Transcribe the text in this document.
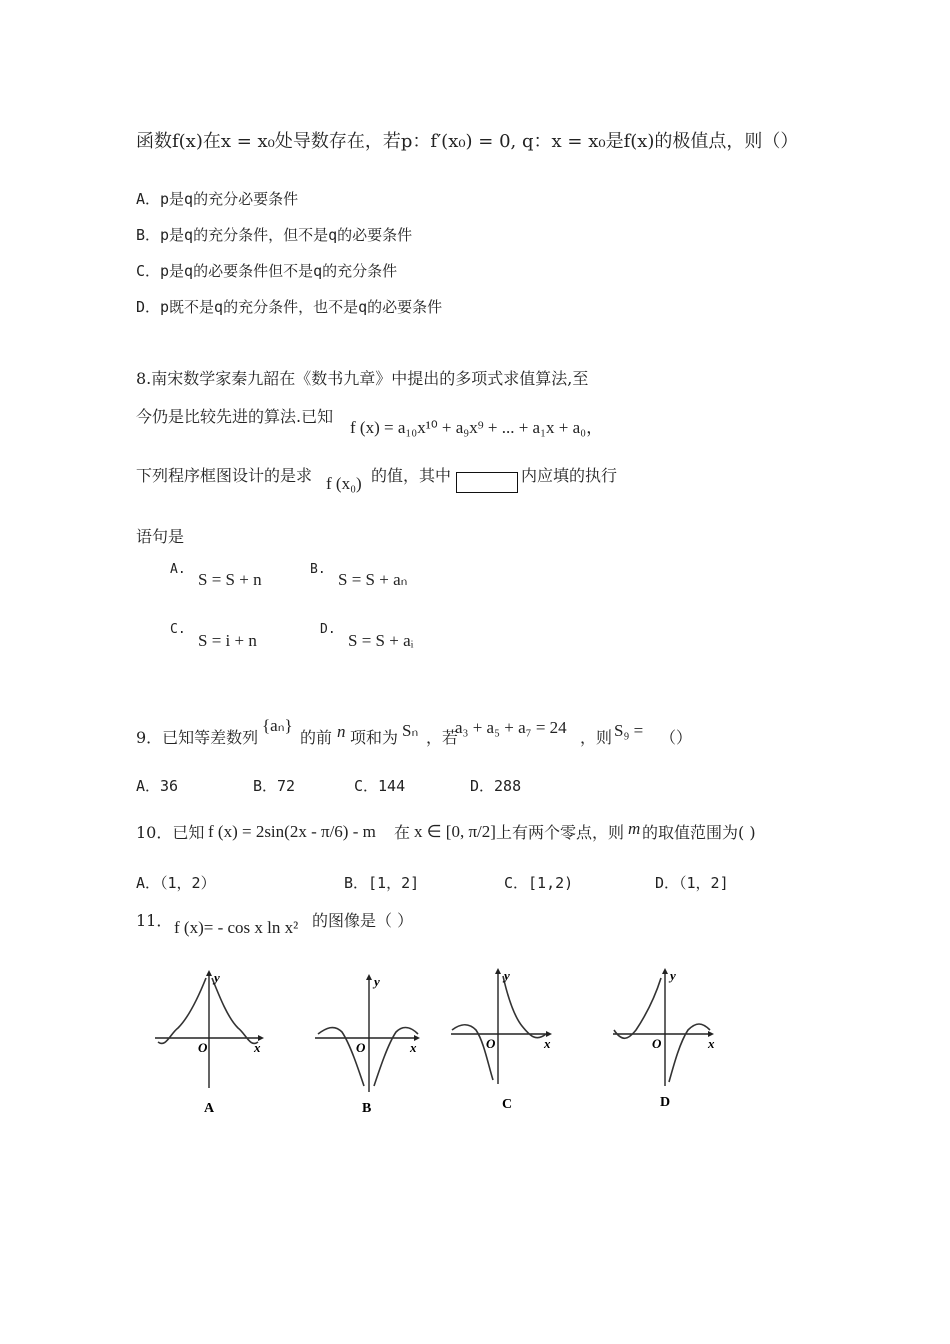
函数f(x)在x = x₀处导数存在，若p：f′(x₀) = 0, q：x = x₀是f(x)的极值点，则（）
A．p是q的充分必要条件
B．p是q的充分条件，但不是q的必要条件
C．p是q的必要条件但不是q的充分条件
D．p既不是q的充分条件，也不是q的必要条件
8.南宋数学家秦九韶在《数书九章》中提出的多项式求值算法,至
今仍是比较先进的算法.已知
f (x) = a₁₀x¹⁰ + a₉x⁹ + ... + a₁x + a₀，
下列程序框图设计的是求 f (x₀) 的值，其中	内应填的执行
语句是
A.
S = S + n
B.
S = S + aₙ
C.
S = i + n
D.
S = S + aᵢ
9．已知等差数列
{aₙ}
的前 n 项和为 Sₙ ，若
a₃ + a₅ + a₇ = 24
，则 S₉ = （）
A．36	B．72	C．144	D．288
10．已知 f (x) = 2sin(2x - π/6) - m 在 x ∈ [0, π/2] 上有两个零点，则 m 的取值范围为( )
A．（1，2）	B．[1，2]	C．[1,2)	D．（1，2]
11． f (x)= - cos x ln x² 的图像是（ ）
y
O	x
A
y
O	x
B
y
O	x
C
y
O	x
D
